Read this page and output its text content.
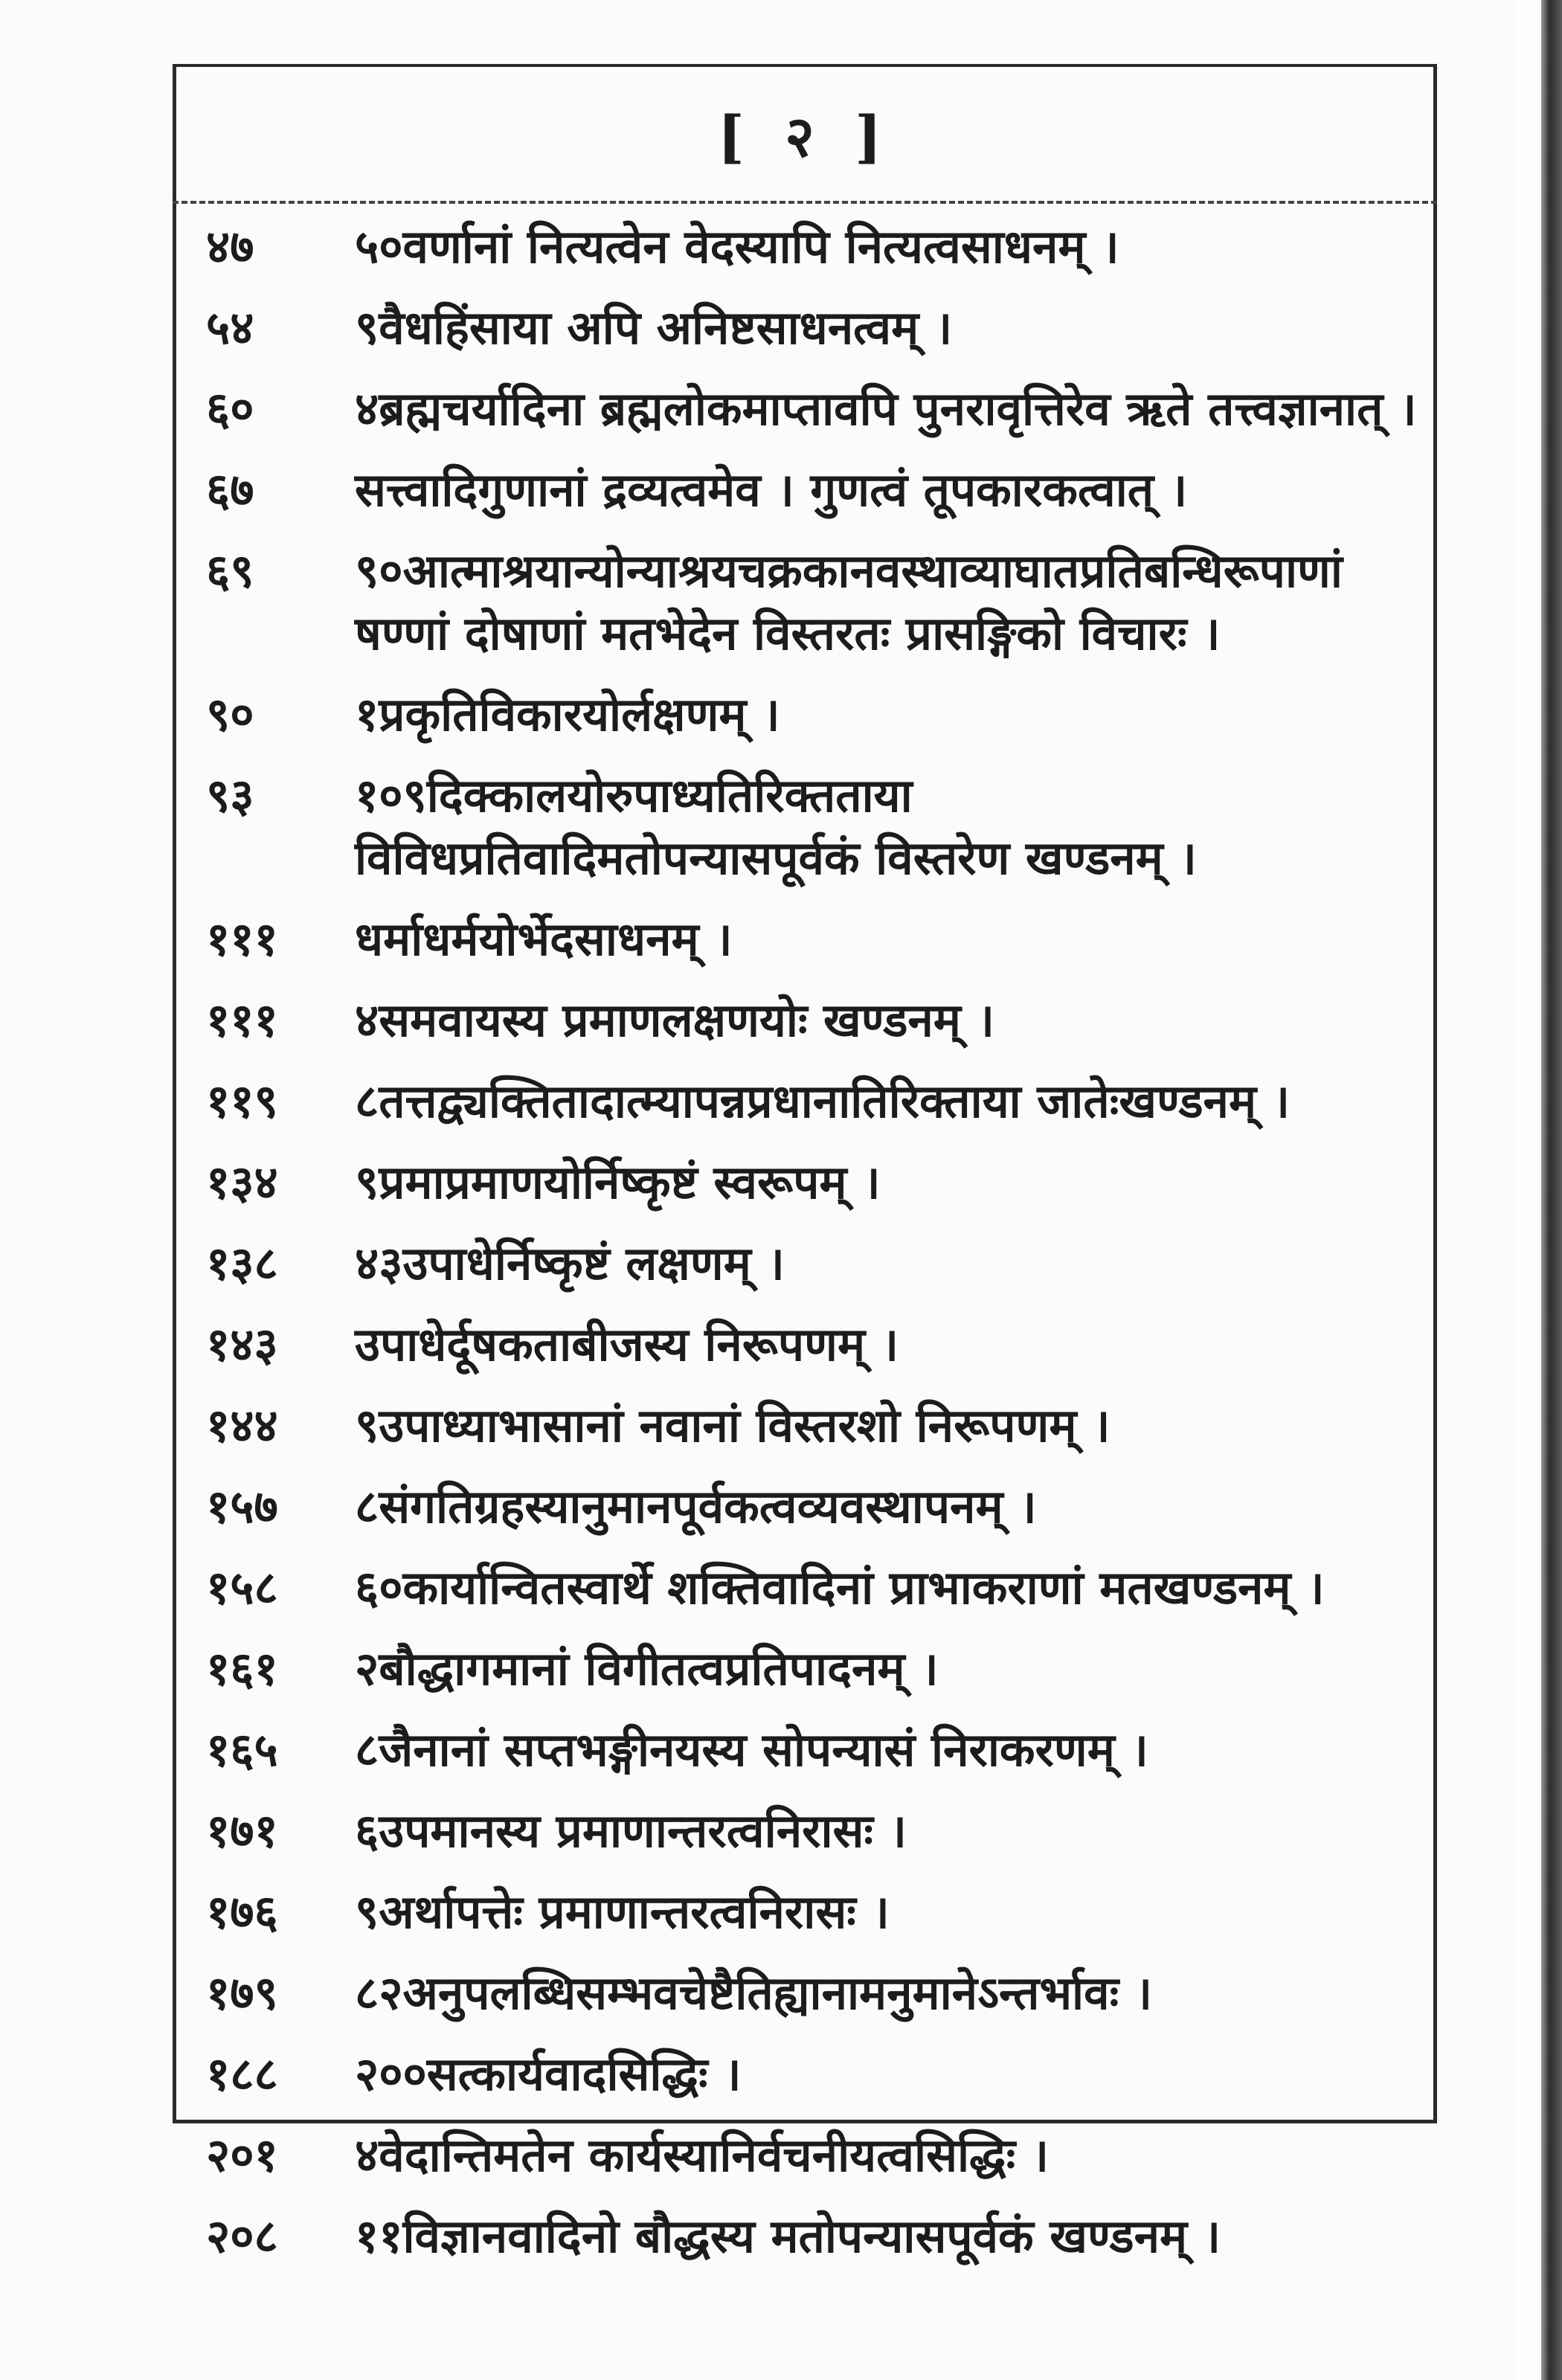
[ २ ]
४७	५०वर्णानां नित्यत्वेन वेदस्यापि नित्यत्वसाधनम् ।
५४	९वैधहिंसाया अपि अनिष्टसाधनत्वम् ।
६०	४ब्रह्मचर्यादिना ब्रह्मलोकमाप्तावपि पुनरावृत्तिरेव ऋते तत्त्वज्ञानात् ।
६७	सत्त्वादिगुणानां द्रव्यत्वमेव । गुणत्वं तूपकारकत्वात् ।
६९	९०आत्माश्रयान्योन्याश्रयचक्रकानवस्थाव्याघातप्रतिबन्धिरूपाणां षण्णां दोषाणां मतभेदेन विस्तरतः प्रासङ्गिको विचारः ।
९०	१प्रकृतिविकारयोर्लक्षणम् ।
९३	१०९दिक्कालयोरुपाध्यतिरिक्तताया विविधप्रतिवादिमतोपन्यासपूर्वकं विस्तरेण खण्डनम् ।
१११	धर्माधर्मयोर्भेदसाधनम् ।
१११	४समवायस्य प्रमाणलक्षणयोः खण्डनम् ।
११९	८तत्तद्व्यक्तितादात्म्यापन्नप्रधानातिरिक्ताया जातेःखण्डनम् ।
१३४	९प्रमाप्रमाणयोर्निष्कृष्टं स्वरूपम् ।
१३८	४३उपाधेर्निष्कृष्टं लक्षणम् ।
१४३	उपाधेर्दूषकताबीजस्य निरूपणम् ।
१४४	९उपाध्याभासानां नवानां विस्तरशो निरूपणम् ।
१५७	८संगतिग्रहस्यानुमानपूर्वकत्वव्यवस्थापनम् ।
१५८	६०कार्यान्वितस्वार्थे शक्तिवादिनां प्राभाकराणां मतखण्डनम् ।
१६१	२बौद्धागमानां विगीतत्वप्रतिपादनम् ।
१६५	८जैनानां सप्तभङ्गीनयस्य सोपन्यासं निराकरणम् ।
१७१	६उपमानस्य प्रमाणान्तरत्वनिरासः ।
१७६	९अर्थापत्तेः प्रमाणान्तरत्वनिरासः ।
१७९	८२अनुपलब्धिसम्भवचेष्टैतिह्यानामनुमानेऽन्तर्भावः ।
१८८	२००सत्कार्यवादसिद्धिः ।
२०१	४वेदान्तिमतेन कार्यस्यानिर्वचनीयत्वसिद्धिः ।
२०८	११विज्ञानवादिनो बौद्धस्य मतोपन्यासपूर्वकं खण्डनम् ।
